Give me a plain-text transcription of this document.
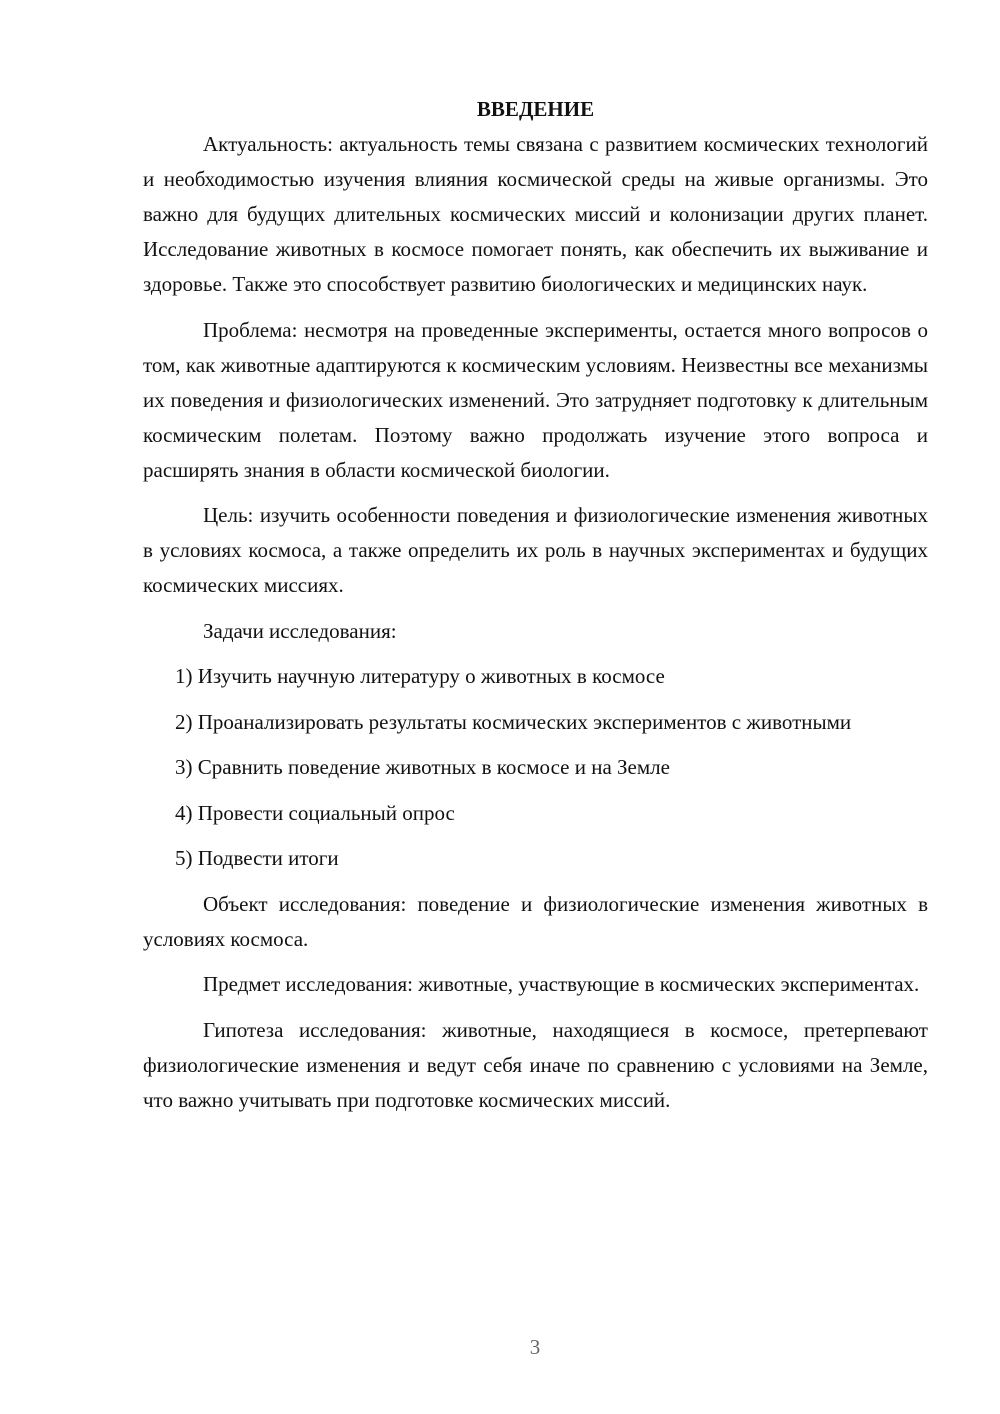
ВВЕДЕНИЕ

Актуальность: актуальность темы связана с развитием космических технологий и необходимостью изучения влияния космической среды на живые организмы. Это важно для будущих длительных космических миссий и колонизации других планет. Исследование животных в космосе помогает понять, как обеспечить их выживание и здоровье. Также это способствует развитию биологических и медицинских наук.

Проблема: несмотря на проведенные эксперименты, остается много вопросов о том, как животные адаптируются к космическим условиям. Неизвестны все механизмы их поведения и физиологических изменений. Это затрудняет подготовку к длительным космическим полетам. Поэтому важно продолжать изучение этого вопроса и расширять знания в области космической биологии.

Цель: изучить особенности поведения и физиологические изменения животных в условиях космоса, а также определить их роль в научных экспериментах и будущих космических миссиях.

Задачи исследования:

1) Изучить научную литературу о животных в космосе

2) Проанализировать результаты космических экспериментов с животными

3) Сравнить поведение животных в космосе и на Земле

4) Провести социальный опрос

5) Подвести итоги

Объект исследования: поведение и физиологические изменения животных в условиях космоса.

Предмет исследования: животные, участвующие в космических экспериментах.

Гипотеза исследования: животные, находящиеся в космосе, претерпевают физиологические изменения и ведут себя иначе по сравнению с условиями на Земле, что важно учитывать при подготовке космических миссий.

3
